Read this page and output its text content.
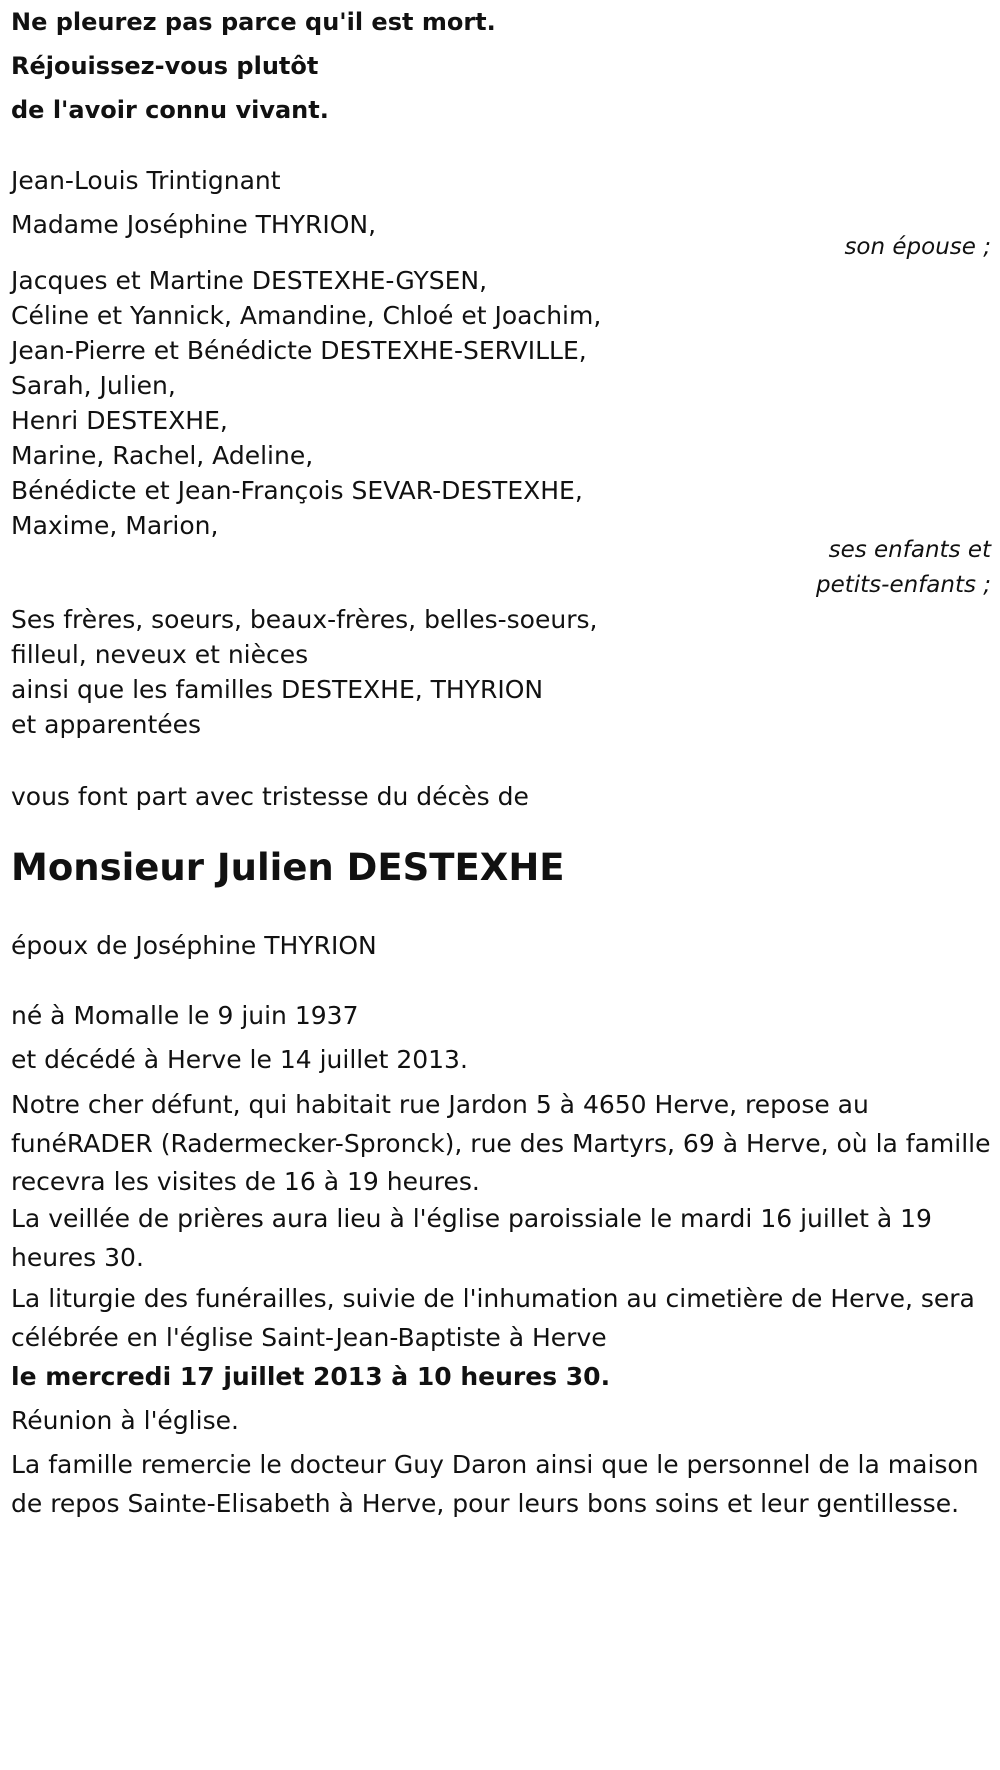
Ne pleurez pas parce qu'il est mort.
Réjouissez-vous plutôt
de l'avoir connu vivant.
Jean-Louis Trintignant
Madame Joséphine THYRION,
son épouse ;
Jacques et Martine DESTEXHE-GYSEN,
Céline et Yannick, Amandine, Chloé et Joachim,
Jean-Pierre et Bénédicte DESTEXHE-SERVILLE,
Sarah, Julien,
Henri DESTEXHE,
Marine, Rachel, Adeline,
Bénédicte et Jean-François SEVAR-DESTEXHE,
Maxime, Marion,
ses enfants et
petits-enfants ;
Ses frères, soeurs, beaux-frères, belles-soeurs,
filleul, neveux et nièces
ainsi que les familles DESTEXHE, THYRION
et apparentées
vous font part avec tristesse du décès de
Monsieur Julien DESTEXHE
époux de Joséphine THYRION
né à Momalle le 9 juin 1937
et décédé à Herve le 14 juillet 2013.
Notre cher défunt, qui habitait rue Jardon 5 à 4650 Herve, repose au funéRADER (Radermecker-Spronck), rue des Martyrs, 69 à Herve, où la famille recevra les visites de 16 à 19 heures.
La veillée de prières aura lieu à l'église paroissiale le mardi 16 juillet à 19 heures 30.
La liturgie des funérailles, suivie de l'inhumation au cimetière de Herve, sera célébrée en l'église Saint-Jean-Baptiste à Herve
le mercredi 17 juillet 2013 à 10 heures 30.
Réunion à l'église.
La famille remercie le docteur Guy Daron ainsi que le personnel de la maison de repos Sainte-Elisabeth à Herve, pour leurs bons soins et leur gentillesse.
